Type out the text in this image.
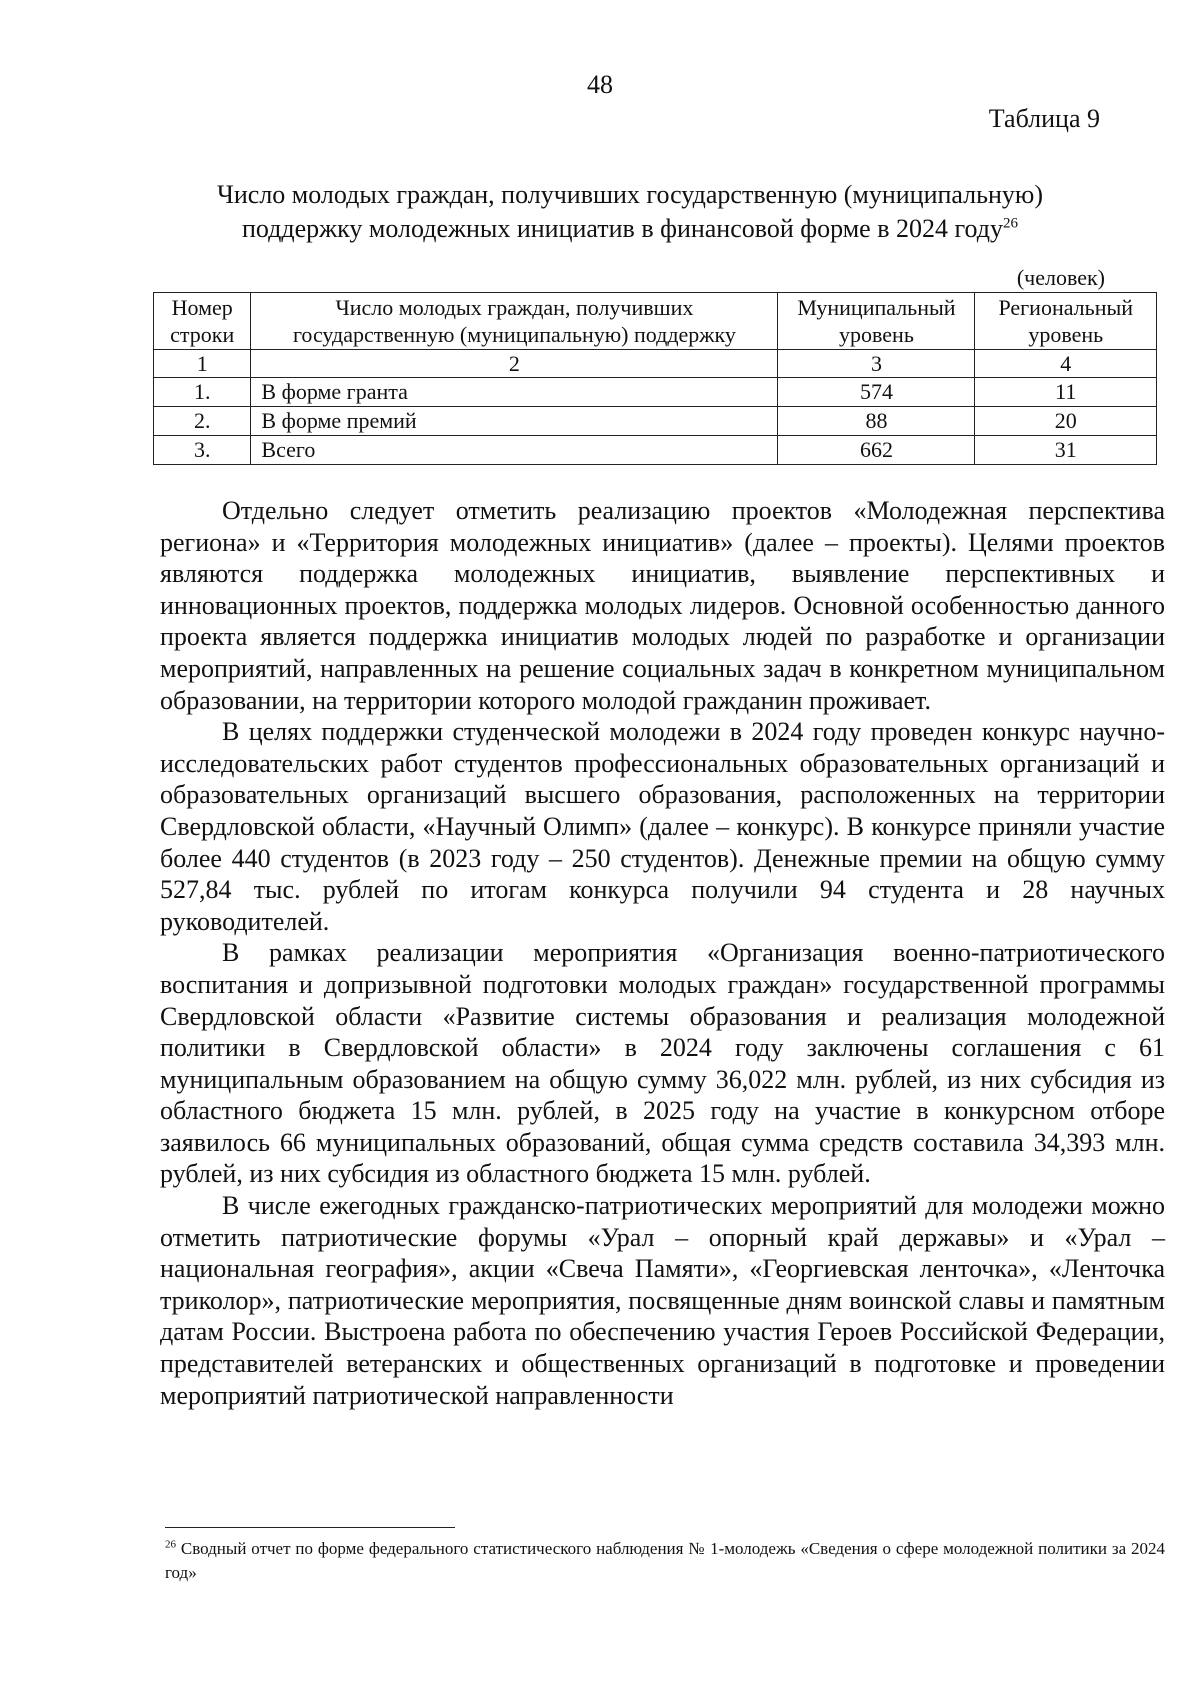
48
Таблица 9
Число молодых граждан, получивших государственную (муниципальную)
поддержку молодежных инициатив в финансовой форме в 2024 году$^{26}$
(человек)
Номер строки	Число молодых граждан, получивших государственную (муниципальную) поддержку	Муниципальный уровень	Региональный уровень
1	2	3	4
1.	В форме гранта	574	11
2.	В форме премий	88	20
3.	Всего	662	31

Отдельно следует отметить реализацию проектов «Молодежная перспектива региона» и «Территория молодежных инициатив» (далее – проекты). Целями проектов являются поддержка молодежных инициатив, выявление перспективных и инновационных проектов, поддержка молодых лидеров. Основной особенностью данного проекта является поддержка инициатив молодых людей по разработке и организации мероприятий, направленных на решение социальных задач в конкретном муниципальном образовании, на территории которого молодой гражданин проживает.

В целях поддержки студенческой молодежи в 2024 году проведен конкурс научно-исследовательских работ студентов профессиональных образовательных организаций и образовательных организаций высшего образования, расположенных на территории Свердловской области, «Научный Олимп» (далее – конкурс). В конкурсе приняли участие более 440 студентов (в 2023 году – 250 студентов). Денежные премии на общую сумму 527,84 тыс. рублей по итогам конкурса получили 94 студента и 28 научных руководителей.

В рамках реализации мероприятия «Организация военно-патриотического воспитания и допризывной подготовки молодых граждан» государственной программы Свердловской области «Развитие системы образования и реализация молодежной политики в Свердловской области» в 2024 году заключены соглашения с 61 муниципальным образованием на общую сумму 36,022 млн. рублей, из них субсидия из областного бюджета 15 млн. рублей, в 2025 году на участие в конкурсном отборе заявилось 66 муниципальных образований, общая сумма средств составила 34,393 млн. рублей, из них субсидия из областного бюджета 15 млн. рублей.

В числе ежегодных гражданско-патриотических мероприятий для молодежи можно отметить патриотические форумы «Урал – опорный край державы» и «Урал – национальная география», акции «Свеча Памяти», «Георгиевская ленточка», «Ленточка триколор», патриотические мероприятия, посвященные дням воинской славы и памятным датам России. Выстроена работа по обеспечению участия Героев Российской Федерации, представителей ветеранских и общественных организаций в подготовке и проведении мероприятий патриотической направленности

$^{26}$ Сводный отчет по форме федерального статистического наблюдения № 1-молодежь «Сведения о сфере молодежной политики за 2024 год»
